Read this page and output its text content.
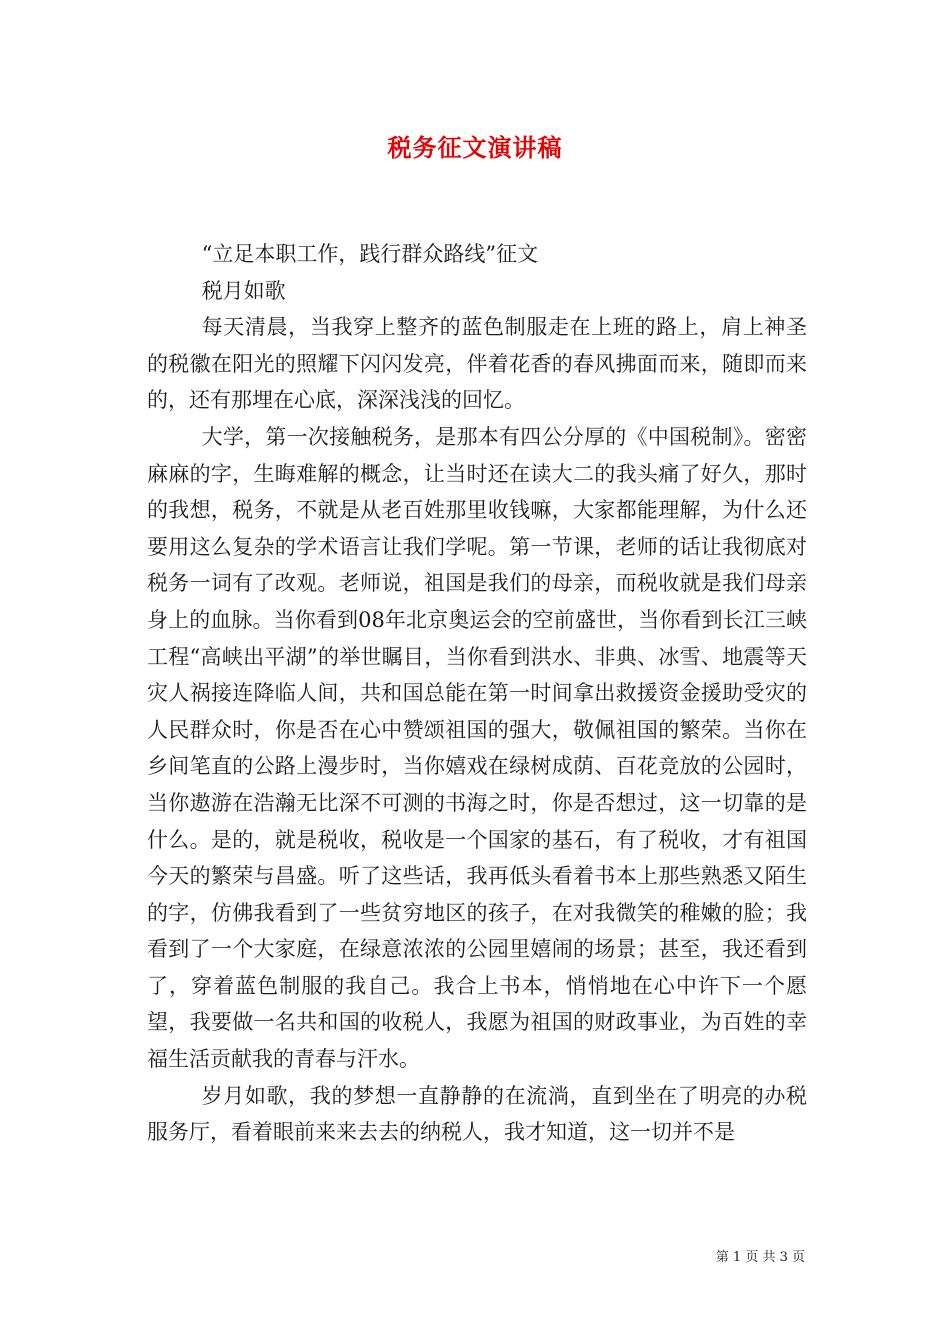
税务征文演讲稿

“立足本职工作，践行群众路线”征文

税月如歌

每天清晨，当我穿上整齐的蓝色制服走在上班的路上，肩上神圣的税徽在阳光的照耀下闪闪发亮，伴着花香的春风拂面而来，随即而来的，还有那埋在心底，深深浅浅的回忆。

大学，第一次接触税务，是那本有四公分厚的《中国税制》。密密麻麻的字，生晦难解的概念，让当时还在读大二的我头痛了好久，那时的我想，税务，不就是从老百姓那里收钱嘛，大家都能理解，为什么还要用这么复杂的学术语言让我们学呢。第一节课，老师的话让我彻底对税务一词有了改观。老师说，祖国是我们的母亲，而税收就是我们母亲身上的血脉。当你看到08年北京奥运会的空前盛世，当你看到长江三峡工程“高峡出平湖”的举世瞩目，当你看到洪水、非典、冰雪、地震等天灾人祸接连降临人间，共和国总能在第一时间拿出救援资金援助受灾的人民群众时，你是否在心中赞颂祖国的强大，敬佩祖国的繁荣。当你在乡间笔直的公路上漫步时，当你嬉戏在绿树成荫、百花竞放的公园时，当你遨游在浩瀚无比深不可测的书海之时，你是否想过，这一切靠的是什么。是的，就是税收，税收是一个国家的基石，有了税收，才有祖国今天的繁荣与昌盛。听了这些话，我再低头看着书本上那些熟悉又陌生的字，仿佛我看到了一些贫穷地区的孩子，在对我微笑的稚嫩的脸；我看到了一个大家庭，在绿意浓浓的公园里嬉闹的场景；甚至，我还看到了，穿着蓝色制服的我自己。我合上书本，悄悄地在心中许下一个愿望，我要做一名共和国的收税人，我愿为祖国的财政事业，为百姓的幸福生活贡献我的青春与汗水。

岁月如歌，我的梦想一直静静的在流淌，直到坐在了明亮的办税服务厅，看着眼前来来去去的纳税人，我才知道，这一切并不是

第 1 页 共 3 页
